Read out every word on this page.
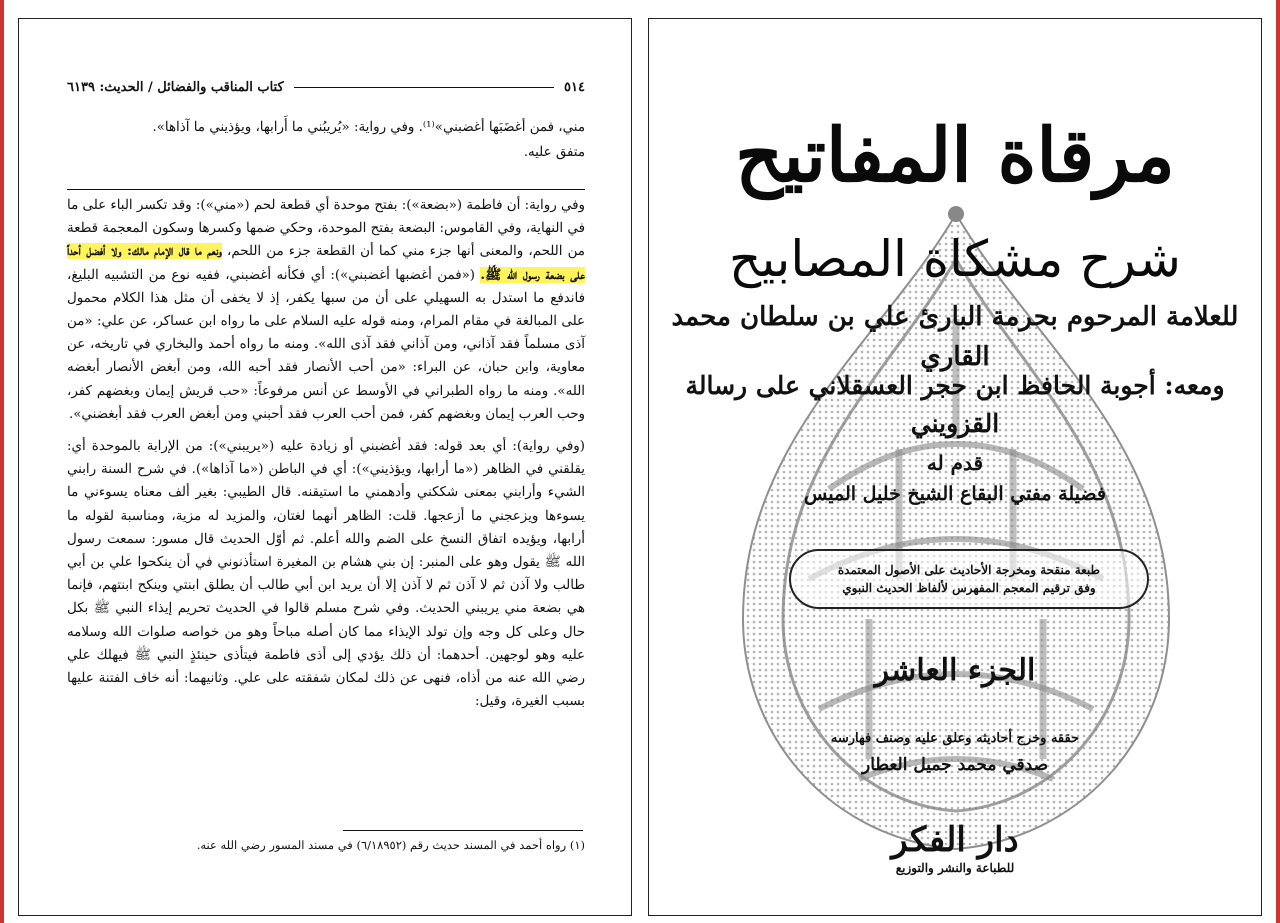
٥١٤
كتاب المناقب والفضائل / الحديث: ٦١٣٩

مني، فمن أغضَبَها أغضبني»⁽¹⁾. وفي رواية: «يُريبُني ما أَرابها، ويؤذيني ما آذاها».

متفق عليه.

وفي رواية: أن فاطمة («بضعة»): بفتح موحدة أي قطعة لحم («مني»): وقد تكسر الباء على ما في النهاية، وفي القاموس: البضعة بفتح الموحدة، وحكي ضمها وكسرها وسكون المعجمة قطعة من اللحم، والمعنى أنها جزء مني كما أن القطعة جزء من اللحم، ونعم ما قال الإمام مالك: ولا أفضل أحداً على بضعة رسول الله ﷺ. («فمن أغضبها أغضبني»): أي فكأنه أغضبني، ففيه نوع من التشبيه البليغ، فاندفع ما استدل به السهيلي على أن من سبها يكفر، إذ لا يخفى أن مثل هذا الكلام محمول على المبالغة في مقام المرام، ومنه قوله عليه السلام على ما رواه ابن عساكر، عن علي: «من آذى مسلماً فقد آذاني، ومن آذاني فقد آذى الله». ومنه ما رواه أحمد والبخاري في تاريخه، عن معاوية، وابن حبان، عن البراء: «من أحب الأنصار فقد أحبه الله، ومن أبغض الأنصار أبغضه الله». ومنه ما رواه الطبراني في الأوسط عن أنس مرفوعاً: «حب قريش إيمان وبغضهم كفر، وحب العرب إيمان وبغضهم كفر، فمن أحب العرب فقد أحبني ومن أبغض العرب فقد أبغضني».

(وفي رواية): أي بعد قوله: فقد أغضبني أو زيادة عليه («يريبني»): من الإرابة بالموحدة أي: يقلقني في الظاهر («ما أرابها، ويؤذيني»): أي في الباطن («ما آذاها»). في شرح السنة رابني الشيء وأرابني بمعنى شككني وأدهمني ما استيقنه. قال الطيبي: بغير ألف معناه يسوءني ما يسوءها ويزعجني ما أزعجها. قلت: الظاهر أنهما لغتان، والمزيد له مزية، ومناسبة لقوله ما أرابها، ويؤيده اتفاق النسخ على الضم والله أعلم. ثم أوّل الحديث قال مسور: سمعت رسول الله ﷺ يقول وهو على المنبر: إن بني هشام بن المغيرة استأذنوني في أن ينكحوا علي بن أبي طالب ولا آذن ثم لا آذن ثم لا آذن إلا أن يريد ابن أبي طالب أن يطلق ابنتي وينكح ابنتهم، فإنما هي بضعة مني يريبني الحديث. وفي شرح مسلم قالوا في الحديث تحريم إيذاء النبي ﷺ بكل حال وعلى كل وجه وإن تولد الإيذاء مما كان أصله مباحاً وهو من خواصه صلوات الله وسلامه عليه وهو لوجهين. أحدهما: أن ذلك يؤدي إلى أذى فاطمة فيتأذى حينئذٍ النبي ﷺ فيهلك علي رضي الله عنه من أذاه، فنهى عن ذلك لمكان شفقته على علي. وثانيهما: أنه خاف الفتنة عليها بسبب الغيرة، وقيل:

(١) رواه أحمد في المسند حديث رقم (٦/١٨٩٥٢) في مسند المسور رضي الله عنه.
مرقاة المفاتيح
شرح مشكاة المصابيح
للعلامة المرحوم بحرمة البارئ علي بن سلطان محمد القاري
ومعه: أجوبة الحافظ ابن حجر العسقلاني على رسالة القزويني
قدم له
فضيلة مفتي البقاع الشيخ خليل الميس
طبعة منقحة ومخرجة الأحاديث على الأصول المعتمدة
وفق ترقيم المعجم المفهرس لألفاظ الحديث النبوي
الجزء العاشر
حققه وخرج أحاديثه وعلق عليه وصنف فهارسه
صدقي محمد جميل العطار
دار الفكر
للطباعة والنشر والتوزيع
